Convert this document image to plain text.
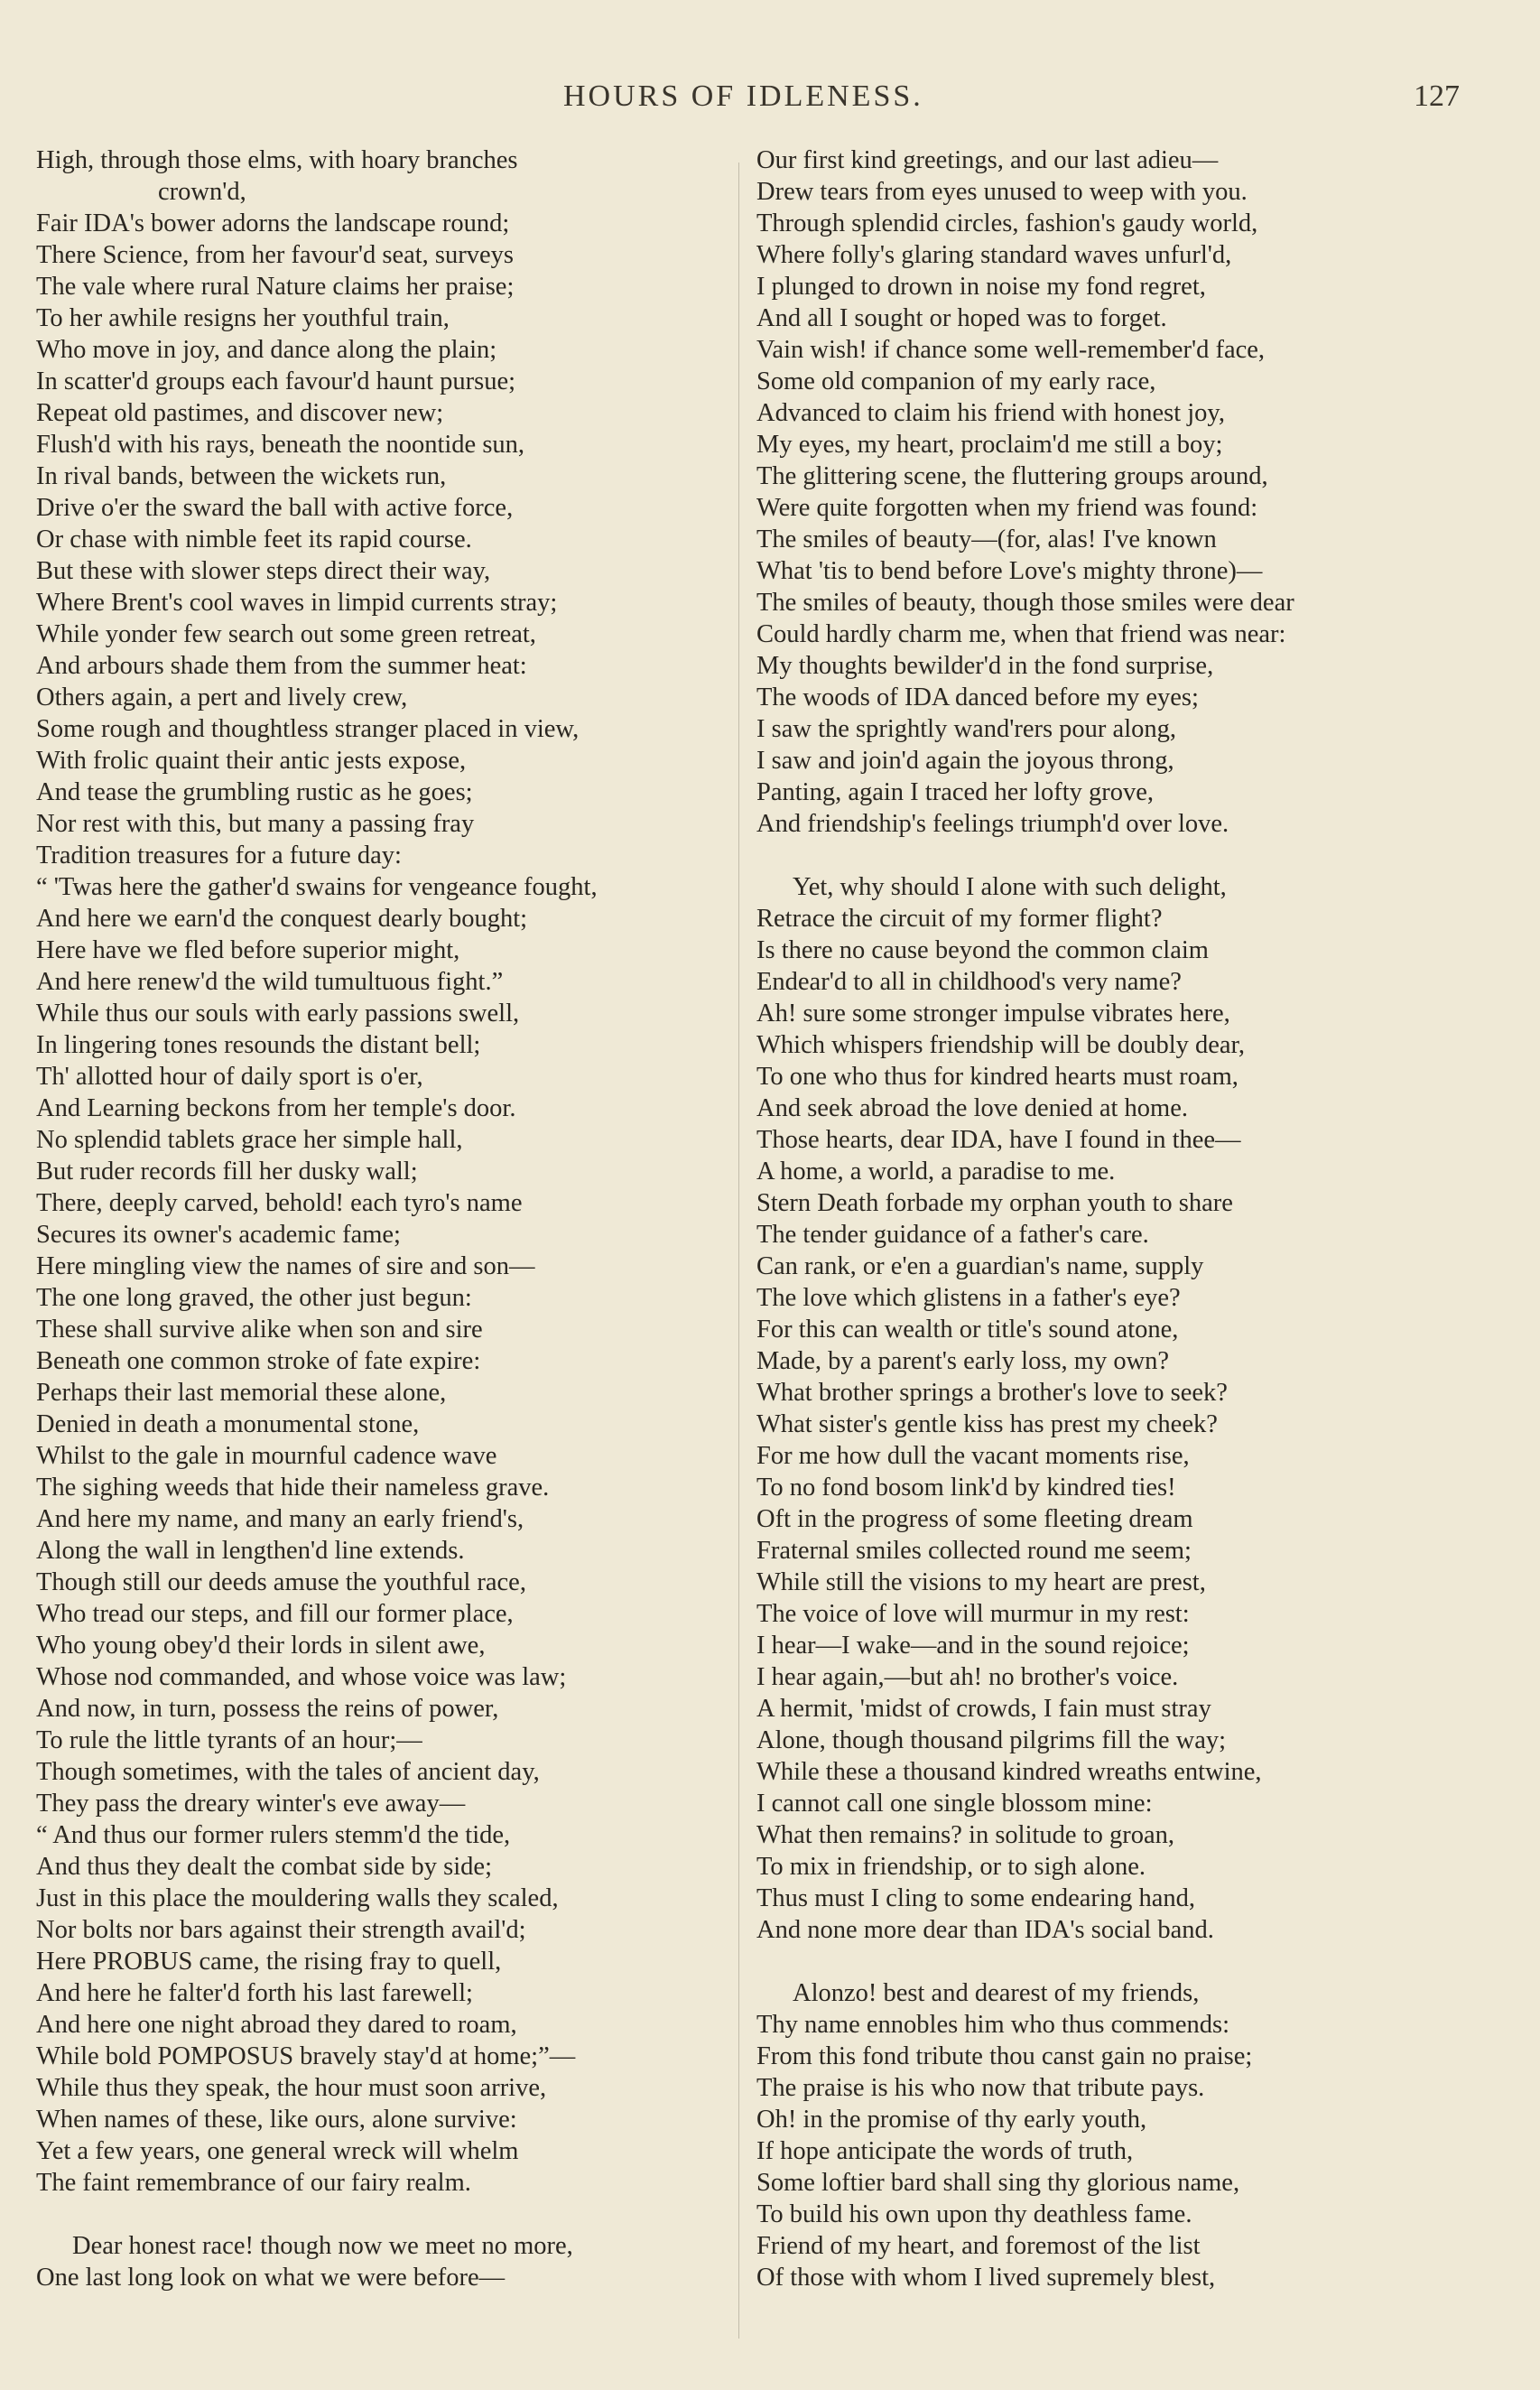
HOURS OF IDLENESS.	127
High, through those elms, with hoary branches
crown'd,
Fair IDA's bower adorns the landscape round;
There Science, from her favour'd seat, surveys
The vale where rural Nature claims her praise;
To her awhile resigns her youthful train,
Who move in joy, and dance along the plain;
In scatter'd groups each favour'd haunt pursue;
Repeat old pastimes, and discover new;
Flush'd with his rays, beneath the noontide sun,
In rival bands, between the wickets run,
Drive o'er the sward the ball with active force,
Or chase with nimble feet its rapid course.
But these with slower steps direct their way,
Where Brent's cool waves in limpid currents stray;
While yonder few search out some green retreat,
And arbours shade them from the summer heat:
Others again, a pert and lively crew,
Some rough and thoughtless stranger placed in view,
With frolic quaint their antic jests expose,
And tease the grumbling rustic as he goes;
Nor rest with this, but many a passing fray
Tradition treasures for a future day:
“ 'Twas here the gather'd swains for vengeance fought,
And here we earn'd the conquest dearly bought;
Here have we fled before superior might,
And here renew'd the wild tumultuous fight.”
While thus our souls with early passions swell,
In lingering tones resounds the distant bell;
Th' allotted hour of daily sport is o'er,
And Learning beckons from her temple's door.
No splendid tablets grace her simple hall,
But ruder records fill her dusky wall;
There, deeply carved, behold! each tyro's name
Secures its owner's academic fame;
Here mingling view the names of sire and son—
The one long graved, the other just begun:
These shall survive alike when son and sire
Beneath one common stroke of fate expire:
Perhaps their last memorial these alone,
Denied in death a monumental stone,
Whilst to the gale in mournful cadence wave
The sighing weeds that hide their nameless grave.
And here my name, and many an early friend's,
Along the wall in lengthen'd line extends.
Though still our deeds amuse the youthful race,
Who tread our steps, and fill our former place,
Who young obey'd their lords in silent awe,
Whose nod commanded, and whose voice was law;
And now, in turn, possess the reins of power,
To rule the little tyrants of an hour;—
Though sometimes, with the tales of ancient day,
They pass the dreary winter's eve away—
“ And thus our former rulers stemm'd the tide,
And thus they dealt the combat side by side;
Just in this place the mouldering walls they scaled,
Nor bolts nor bars against their strength avail'd;
Here PROBUS came, the rising fray to quell,
And here he falter'd forth his last farewell;
And here one night abroad they dared to roam,
While bold POMPOSUS bravely stay'd at home;”—
While thus they speak, the hour must soon arrive,
When names of these, like ours, alone survive:
Yet a few years, one general wreck will whelm
The faint remembrance of our fairy realm.
Dear honest race! though now we meet no more,
One last long look on what we were before—
Our first kind greetings, and our last adieu—
Drew tears from eyes unused to weep with you.
Through splendid circles, fashion's gaudy world,
Where folly's glaring standard waves unfurl'd,
I plunged to drown in noise my fond regret,
And all I sought or hoped was to forget.
Vain wish! if chance some well-remember'd face,
Some old companion of my early race,
Advanced to claim his friend with honest joy,
My eyes, my heart, proclaim'd me still a boy;
The glittering scene, the fluttering groups around,
Were quite forgotten when my friend was found:
The smiles of beauty—(for, alas! I've known
What 'tis to bend before Love's mighty throne)—
The smiles of beauty, though those smiles were dear
Could hardly charm me, when that friend was near:
My thoughts bewilder'd in the fond surprise,
The woods of IDA danced before my eyes;
I saw the sprightly wand'rers pour along,
I saw and join'd again the joyous throng,
Panting, again I traced her lofty grove,
And friendship's feelings triumph'd over love.
Yet, why should I alone with such delight,
Retrace the circuit of my former flight?
Is there no cause beyond the common claim
Endear'd to all in childhood's very name?
Ah! sure some stronger impulse vibrates here,
Which whispers friendship will be doubly dear,
To one who thus for kindred hearts must roam,
And seek abroad the love denied at home.
Those hearts, dear IDA, have I found in thee—
A home, a world, a paradise to me.
Stern Death forbade my orphan youth to share
The tender guidance of a father's care.
Can rank, or e'en a guardian's name, supply
The love which glistens in a father's eye?
For this can wealth or title's sound atone,
Made, by a parent's early loss, my own?
What brother springs a brother's love to seek?
What sister's gentle kiss has prest my cheek?
For me how dull the vacant moments rise,
To no fond bosom link'd by kindred ties!
Oft in the progress of some fleeting dream
Fraternal smiles collected round me seem;
While still the visions to my heart are prest,
The voice of love will murmur in my rest:
I hear—I wake—and in the sound rejoice;
I hear again,—but ah! no brother's voice.
A hermit, 'midst of crowds, I fain must stray
Alone, though thousand pilgrims fill the way;
While these a thousand kindred wreaths entwine,
I cannot call one single blossom mine:
What then remains? in solitude to groan,
To mix in friendship, or to sigh alone.
Thus must I cling to some endearing hand,
And none more dear than IDA's social band.
Alonzo! best and dearest of my friends,
Thy name ennobles him who thus commends:
From this fond tribute thou canst gain no praise;
The praise is his who now that tribute pays.
Oh! in the promise of thy early youth,
If hope anticipate the words of truth,
Some loftier bard shall sing thy glorious name,
To build his own upon thy deathless fame.
Friend of my heart, and foremost of the list
Of those with whom I lived supremely blest,
